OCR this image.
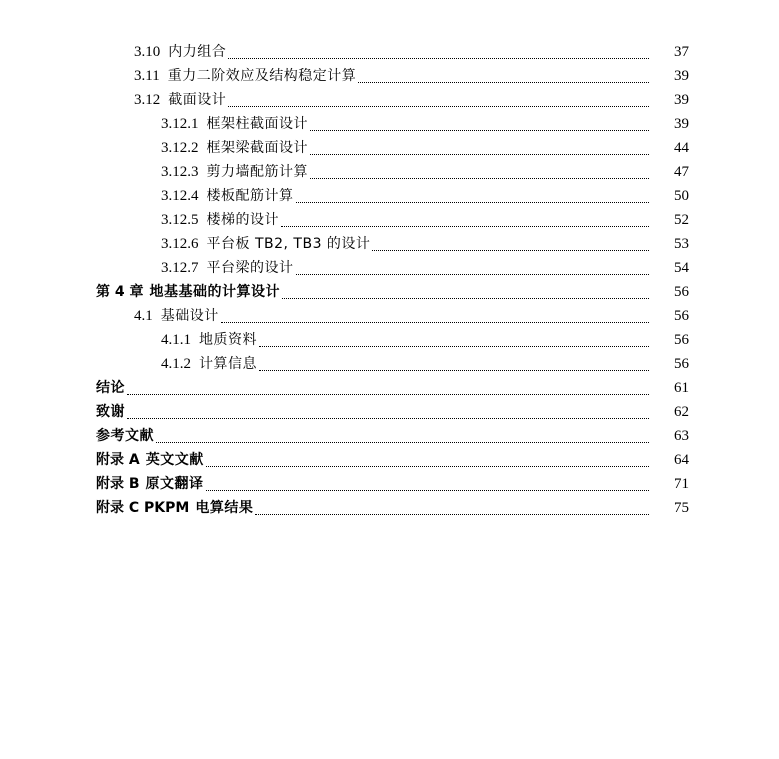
3.10 内力组合	37
3.11 重力二阶效应及结构稳定计算	39
3.12 截面设计	39
3.12.1 框架柱截面设计	39
3.12.2 框架梁截面设计	44
3.12.3 剪力墙配筋计算	47
3.12.4 楼板配筋计算	50
3.12.5 楼梯的设计	52
3.12.6 平台板 TB2, TB3 的设计	53
3.12.7 平台梁的设计	54
第 4 章 地基基础的计算设计	56
4.1 基础设计	56
4.1.1 地质资料	56
4.1.2 计算信息	56
结论	61
致谢	62
参考文献	63
附录 A 英文文献	64
附录 B 原文翻译	71
附录 C PKPM 电算结果	75
